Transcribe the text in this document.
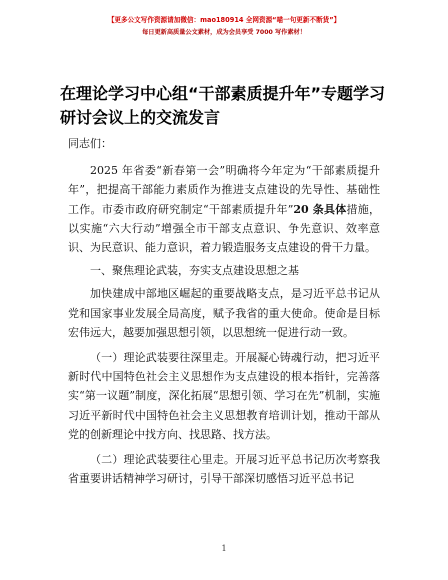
【更多公文写作资源请加微信：mao180914 全网资源“喵一句更新不断货”】
每日更新高质量公文素材，成为会员享受 7000 写作素材！
在理论学习中心组“干部素质提升年”专题学习研讨会议上的交流发言

同志们：

2025 年省委“新春第一会”明确将今年定为“干部素质提升年”，把提高干部能力素质作为推进支点建设的先导性、基础性工作。市委市政府研究制定“干部素质提升年”20 条具体措施，以实施“六大行动”增强全市干部支点意识、争先意识、效率意识、为民意识、能力意识，着力锻造服务支点建设的骨干力量。

一、聚焦理论武装，夯实支点建设思想之基

加快建成中部地区崛起的重要战略支点，是习近平总书记从党和国家事业发展全局高度，赋予我省的重大使命。使命是目标宏伟远大，越要加强思想引领，以思想统一促进行动一致。

（一）理论武装要往深里走。开展凝心铸魂行动，把习近平新时代中国特色社会主义思想作为支点建设的根本指针，完善落实“第一议题”制度，深化拓展“思想引领、学习在先”机制，实施习近平新时代中国特色社会主义思想教育培训计划，推动干部从党的创新理论中找方向、找思路、找方法。

（二）理论武装要往心里走。开展习近平总书记历次考察我省重要讲话精神学习研讨，引导干部深切感悟习近平总书记

1
